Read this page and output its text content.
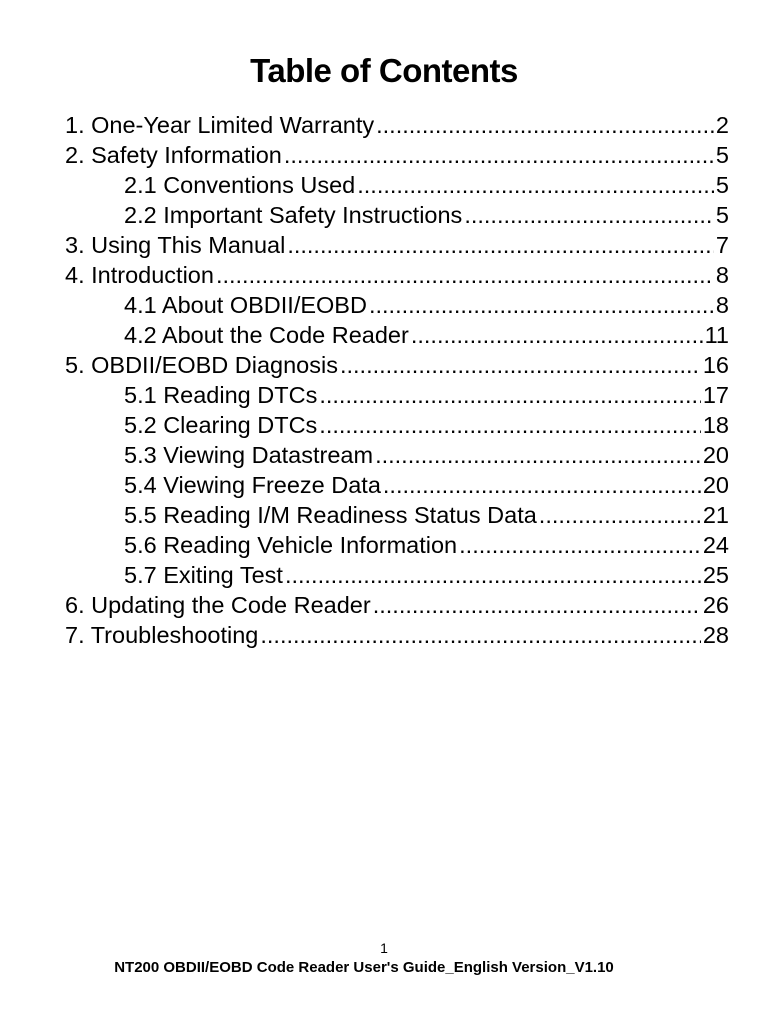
Table of Contents
1. One-Year Limited Warranty .....	2
2. Safety Information .....	5
2.1 Conventions Used .....	5
2.2 Important Safety Instructions .....	5
3. Using This Manual .....	7
4. Introduction .....	8
4.1 About OBDII/EOBD .....	8
4.2 About the Code Reader .....	11
5. OBDII/EOBD Diagnosis .....	16
5.1 Reading DTCs .....	17
5.2 Clearing DTCs .....	18
5.3 Viewing Datastream .....	20
5.4 Viewing Freeze Data .....	20
5.5 Reading I/M Readiness Status Data .....	21
5.6 Reading Vehicle Information .....	24
5.7 Exiting Test .....	25
6. Updating the Code Reader .....	26
7. Troubleshooting .....	28
1
NT200 OBDII/EOBD Code Reader User's Guide_English Version_V1.10
